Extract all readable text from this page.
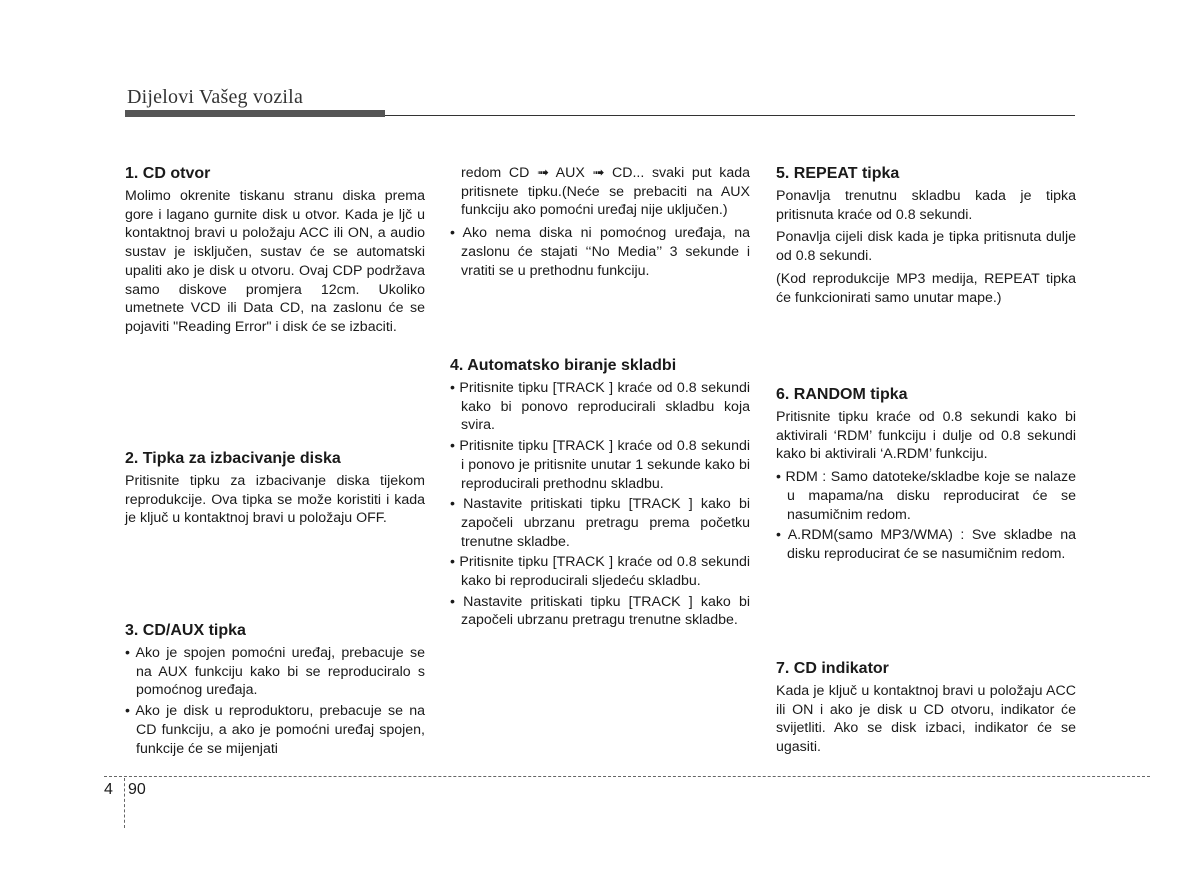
Dijelovi Vašeg vozila
1. CD otvor
Molimo okrenite tiskanu stranu diska prema gore i lagano gurnite disk u otvor. Kada je ljč u kontaktnoj bravi u položaju ACC ili ON, a audio sustav je isključen, sustav će se automatski upaliti ako je disk u otvoru. Ovaj CDP podržava samo diskove promjera 12cm. Ukoliko umetnete VCD ili Data CD, na zaslonu će se pojaviti "Reading Error" i disk će se izbaciti.
2. Tipka za izbacivanje diska
Pritisnite tipku za izbacivanje diska tijekom reprodukcije. Ova tipka se može koristiti i kada je ključ u kontaktnoj bravi u položaju OFF.
3. CD/AUX tipka
• Ako je spojen pomoćni uređaj, prebacuje se na AUX funkciju kako bi se reproduciralo s pomoćnog uređaja.
• Ako je disk u reproduktoru, prebacuje se na CD funkciju, a ako je pomoćni uređaj spojen, funkcije će se mijenjati
redom CD ➟ AUX ➟ CD... svaki put kada pritisnete tipku.(Neće se prebaciti na AUX funkciju ako pomoćni uređaj nije uključen.)
• Ako nema diska ni pomoćnog uređaja, na zaslonu će stajati ‘‘No Media’’ 3 sekunde i vratiti se u prethodnu funkciju.
4. Automatsko biranje skladbi
• Pritisnite tipku [TRACK ] kraće od 0.8 sekundi kako bi ponovo reproducirali skladbu koja svira.
• Pritisnite tipku [TRACK ] kraće od 0.8 sekundi i ponovo je pritisnite unutar 1 sekunde kako bi reproducirali prethodnu skladbu.
• Nastavite pritiskati tipku [TRACK ] kako bi započeli ubrzanu pretragu prema početku trenutne skladbe.
• Pritisnite tipku [TRACK ] kraće od 0.8 sekundi kako bi reproducirali sljedeću skladbu.
• Nastavite pritiskati tipku [TRACK ] kako bi započeli ubrzanu pretragu trenutne skladbe.
5. REPEAT tipka
Ponavlja trenutnu skladbu kada je tipka pritisnuta kraće od 0.8 sekundi.
Ponavlja cijeli disk kada je tipka pritisnuta dulje od 0.8 sekundi.
(Kod reprodukcije MP3 medija, REPEAT tipka će funkcionirati samo unutar mape.)
6. RANDOM tipka
Pritisnite tipku kraće od 0.8 sekundi kako bi aktivirali ‘RDM’ funkciju i dulje od 0.8 sekundi kako bi aktivirali ‘A.RDM’ funkciju.
• RDM : Samo datoteke/skladbe koje se nalaze u mapama/na disku reproducirat će se nasumičnim redom.
• A.RDM(samo MP3/WMA) : Sve skladbe na disku reproducirat će se nasumičnim redom.
7. CD indikator
Kada je ključ u kontaktnoj bravi u položaju ACC ili ON i ako je disk u CD otvoru, indikator će svijetliti. Ako se disk izbaci, indikator će se ugasiti.
4 90
